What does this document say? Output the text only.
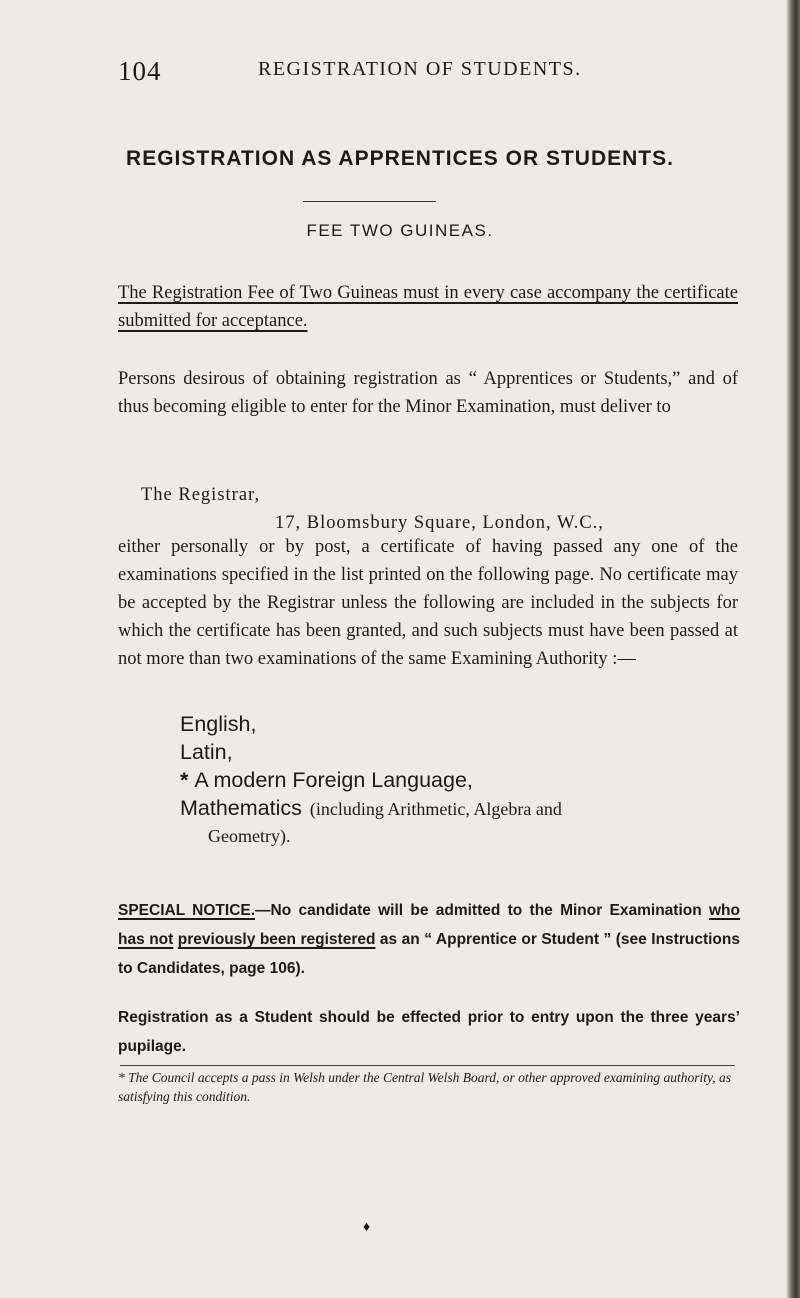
104	REGISTRATION OF STUDENTS.
REGISTRATION AS APPRENTICES OR STUDENTS.
FEE TWO GUINEAS.

The Registration Fee of Two Guineas must in every case accompany the certificate submitted for acceptance.

Persons desirous of obtaining registration as “ Apprentices or Students,” and of thus becoming eligible to enter for the Minor Examination, must deliver to

The Registrar,
17, Bloomsbury Square, London, W.C.,

either personally or by post, a certificate of having passed any one of the examinations specified in the list printed on the following page. No certificate may be accepted by the Registrar unless the following are included in the subjects for which the certificate has been granted, and such subjects must have been passed at not more than two examinations of the same Examining Authority :—

English,
Latin,
* A modern Foreign Language,
Mathematics (including Arithmetic, Algebra and
Geometry).

SPECIAL NOTICE.—No candidate will be admitted to the Minor Examination who has not previously been registered as an “ Apprentice or Student ” (see Instructions to Candidates, page 106).

Registration as a Student should be effected prior to entry upon the three years’ pupilage.

* The Council accepts a pass in Welsh under the Central Welsh Board, or other approved examining authority, as satisfying this condition.

♦
